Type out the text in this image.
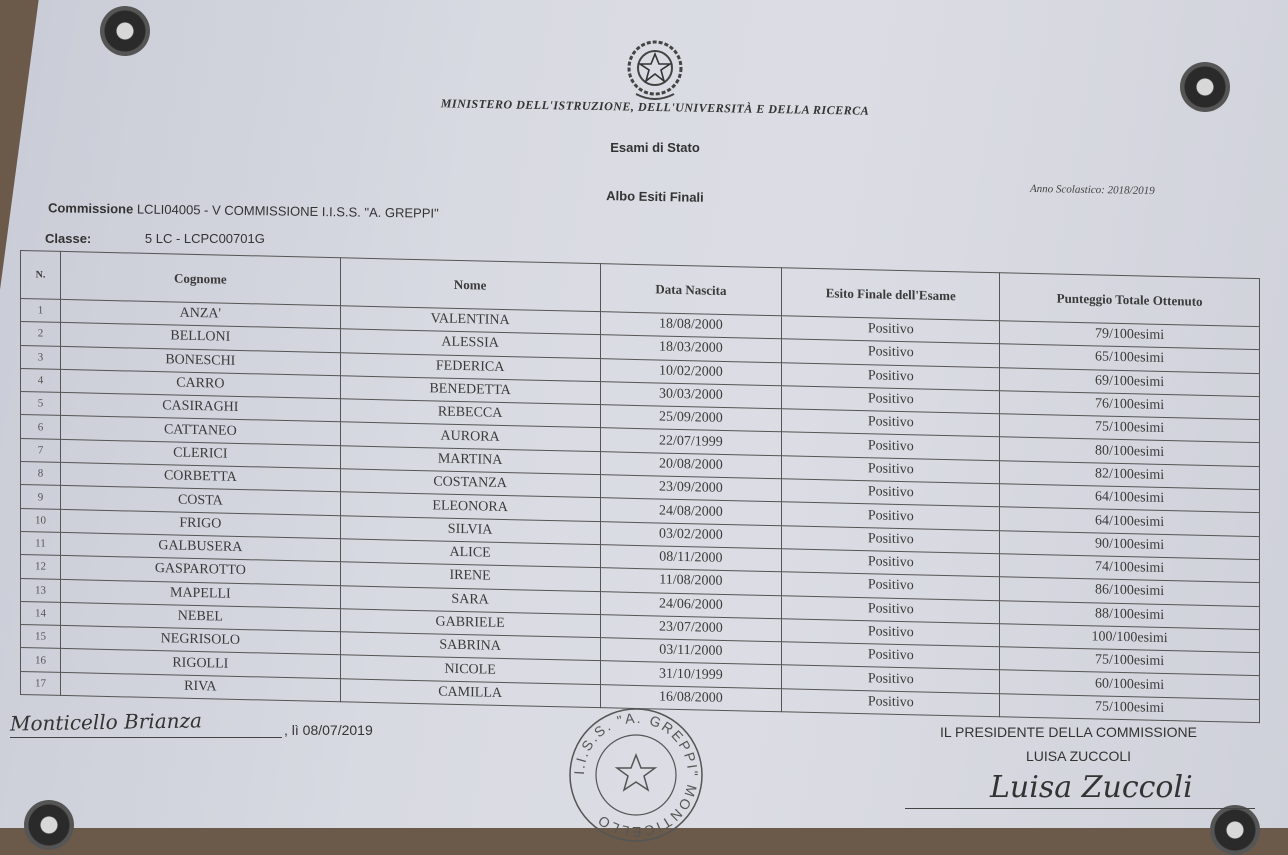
MINISTERO DELL'ISTRUZIONE, DELL'UNIVERSITÀ E DELLA RICERCA
Esami di Stato
Albo Esiti Finali	Anno Scolastico: 2018/2019
Commissione LCLI04005 - V COMMISSIONE I.I.S.S. "A. GREPPI"
Classe:	5 LC - LCPC00701G
N.	Cognome	Nome	Data Nascita	Esito Finale dell'Esame	Punteggio Totale Ottenuto
1	ANZA'	VALENTINA	18/08/2000	Positivo	79/100esimi
2	BELLONI	ALESSIA	18/03/2000	Positivo	65/100esimi
3	BONESCHI	FEDERICA	10/02/2000	Positivo	69/100esimi
4	CARRO	BENEDETTA	30/03/2000	Positivo	76/100esimi
5	CASIRAGHI	REBECCA	25/09/2000	Positivo	75/100esimi
6	CATTANEO	AURORA	22/07/1999	Positivo	80/100esimi
7	CLERICI	MARTINA	20/08/2000	Positivo	82/100esimi
8	CORBETTA	COSTANZA	23/09/2000	Positivo	64/100esimi
9	COSTA	ELEONORA	24/08/2000	Positivo	64/100esimi
10	FRIGO	SILVIA	03/02/2000	Positivo	90/100esimi
11	GALBUSERA	ALICE	08/11/2000	Positivo	74/100esimi
12	GASPAROTTO	IRENE	11/08/2000	Positivo	86/100esimi
13	MAPELLI	SARA	24/06/2000	Positivo	88/100esimi
14	NEBEL	GABRIELE	23/07/2000	Positivo	100/100esimi
15	NEGRISOLO	SABRINA	03/11/2000	Positivo	75/100esimi
16	RIGOLLI	NICOLE	31/10/1999	Positivo	60/100esimi
17	RIVA	CAMILLA	16/08/2000	Positivo	75/100esimi
Monticello Brianza	, lì 08/07/2019
I.I.S.S. "A. GREPPI" MONTICELLO
IL PRESIDENTE DELLA COMMISSIONE
LUISA ZUCCOLI
Luisa Zuccoli
